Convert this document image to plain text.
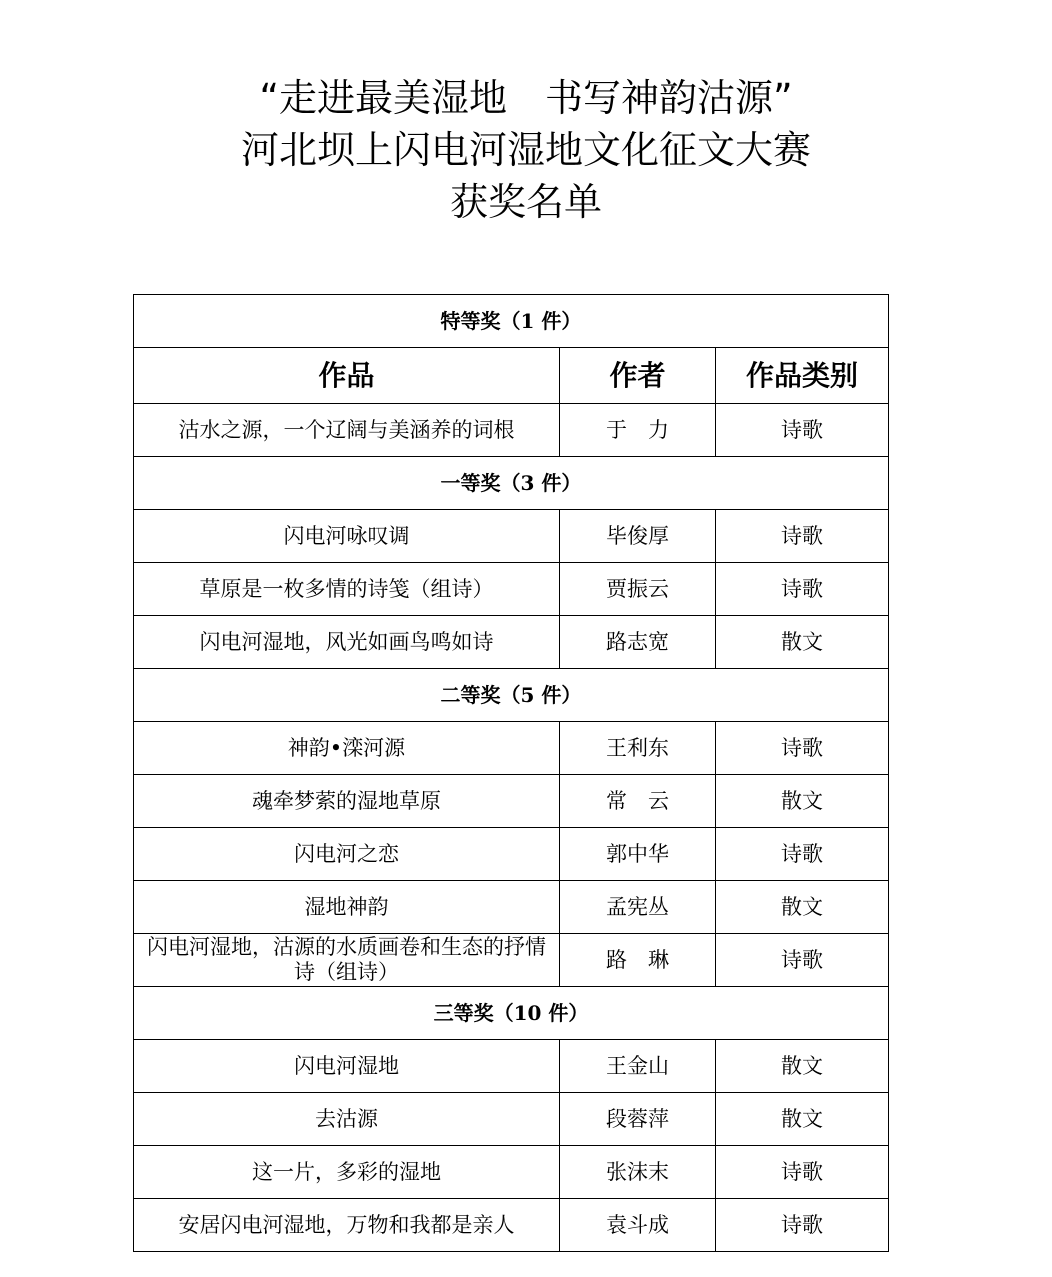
“走进最美湿地　书写神韵沽源”
河北坝上闪电河湿地文化征文大赛
获奖名单
特等奖（1 件）		
作品	作者	作品类别
沽水之源，一个辽阔与美涵养的词根	于　力	诗歌
一等奖（3 件）		
闪电河咏叹调	毕俊厚	诗歌
草原是一枚多情的诗笺（组诗）	贾振云	诗歌
闪电河湿地，风光如画鸟鸣如诗	路志宽	散文
二等奖（5 件）		
神韵•滦河源	王利东	诗歌
魂牵梦萦的湿地草原	常　云	散文
闪电河之恋	郭中华	诗歌
湿地神韵	孟宪丛	散文
闪电河湿地，沽源的水质画卷和生态的抒情诗（组诗）	路　琳	诗歌
三等奖（10 件）		
闪电河湿地	王金山	散文
去沽源	段蓉萍	散文
这一片，多彩的湿地	张沫末	诗歌
安居闪电河湿地，万物和我都是亲人	袁斗成	诗歌
